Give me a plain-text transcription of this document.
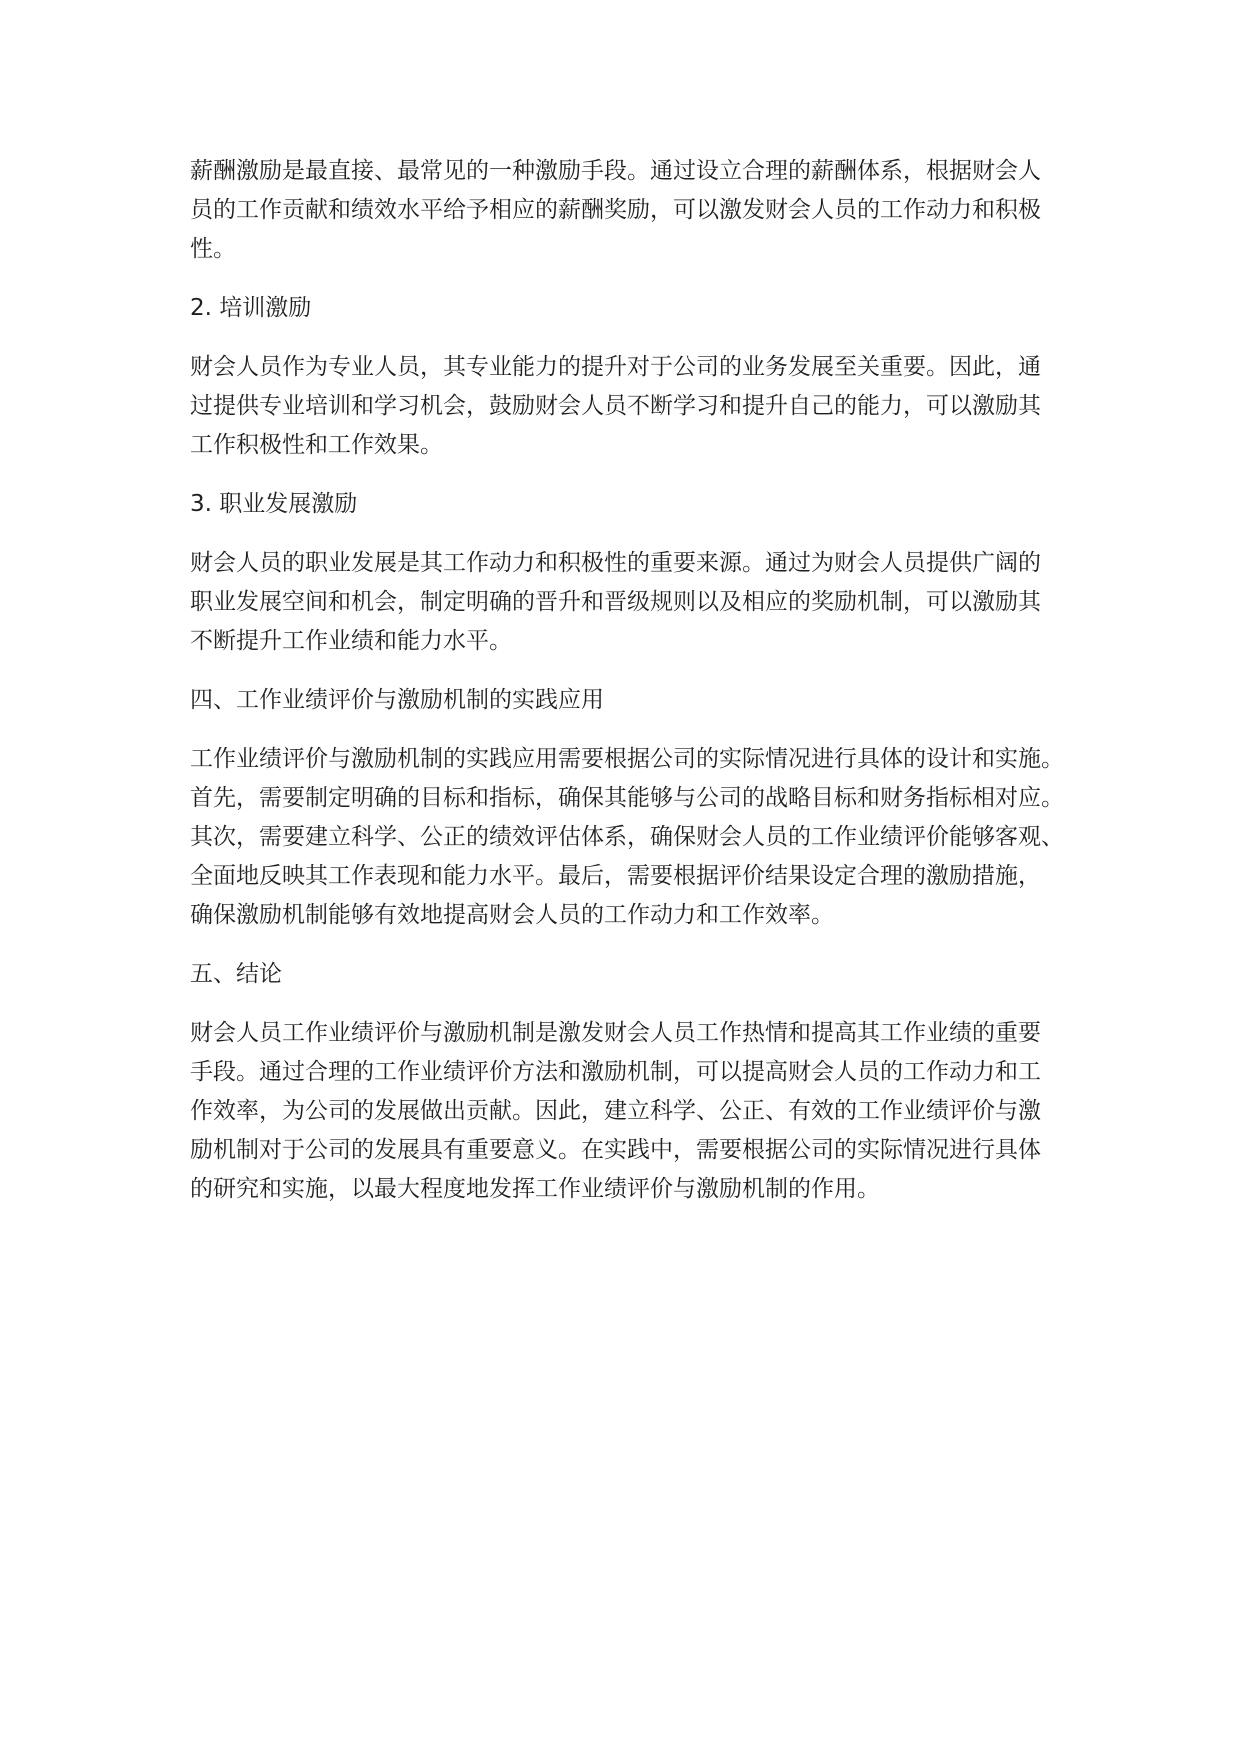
薪酬激励是最直接、最常见的一种激励手段。通过设立合理的薪酬体系，根据财会人
员的工作贡献和绩效水平给予相应的薪酬奖励，可以激发财会人员的工作动力和积极
性。

2. 培训激励

财会人员作为专业人员，其专业能力的提升对于公司的业务发展至关重要。因此，通
过提供专业培训和学习机会，鼓励财会人员不断学习和提升自己的能力，可以激励其
工作积极性和工作效果。

3. 职业发展激励

财会人员的职业发展是其工作动力和积极性的重要来源。通过为财会人员提供广阔的
职业发展空间和机会，制定明确的晋升和晋级规则以及相应的奖励机制，可以激励其
不断提升工作业绩和能力水平。

四、工作业绩评价与激励机制的实践应用

工作业绩评价与激励机制的实践应用需要根据公司的实际情况进行具体的设计和实施。
首先，需要制定明确的目标和指标，确保其能够与公司的战略目标和财务指标相对应。
其次，需要建立科学、公正的绩效评估体系，确保财会人员的工作业绩评价能够客观、
全面地反映其工作表现和能力水平。最后，需要根据评价结果设定合理的激励措施，
确保激励机制能够有效地提高财会人员的工作动力和工作效率。

五、结论

财会人员工作业绩评价与激励机制是激发财会人员工作热情和提高其工作业绩的重要
手段。通过合理的工作业绩评价方法和激励机制，可以提高财会人员的工作动力和工
作效率，为公司的发展做出贡献。因此，建立科学、公正、有效的工作业绩评价与激
励机制对于公司的发展具有重要意义。在实践中，需要根据公司的实际情况进行具体
的研究和实施，以最大程度地发挥工作业绩评价与激励机制的作用。
